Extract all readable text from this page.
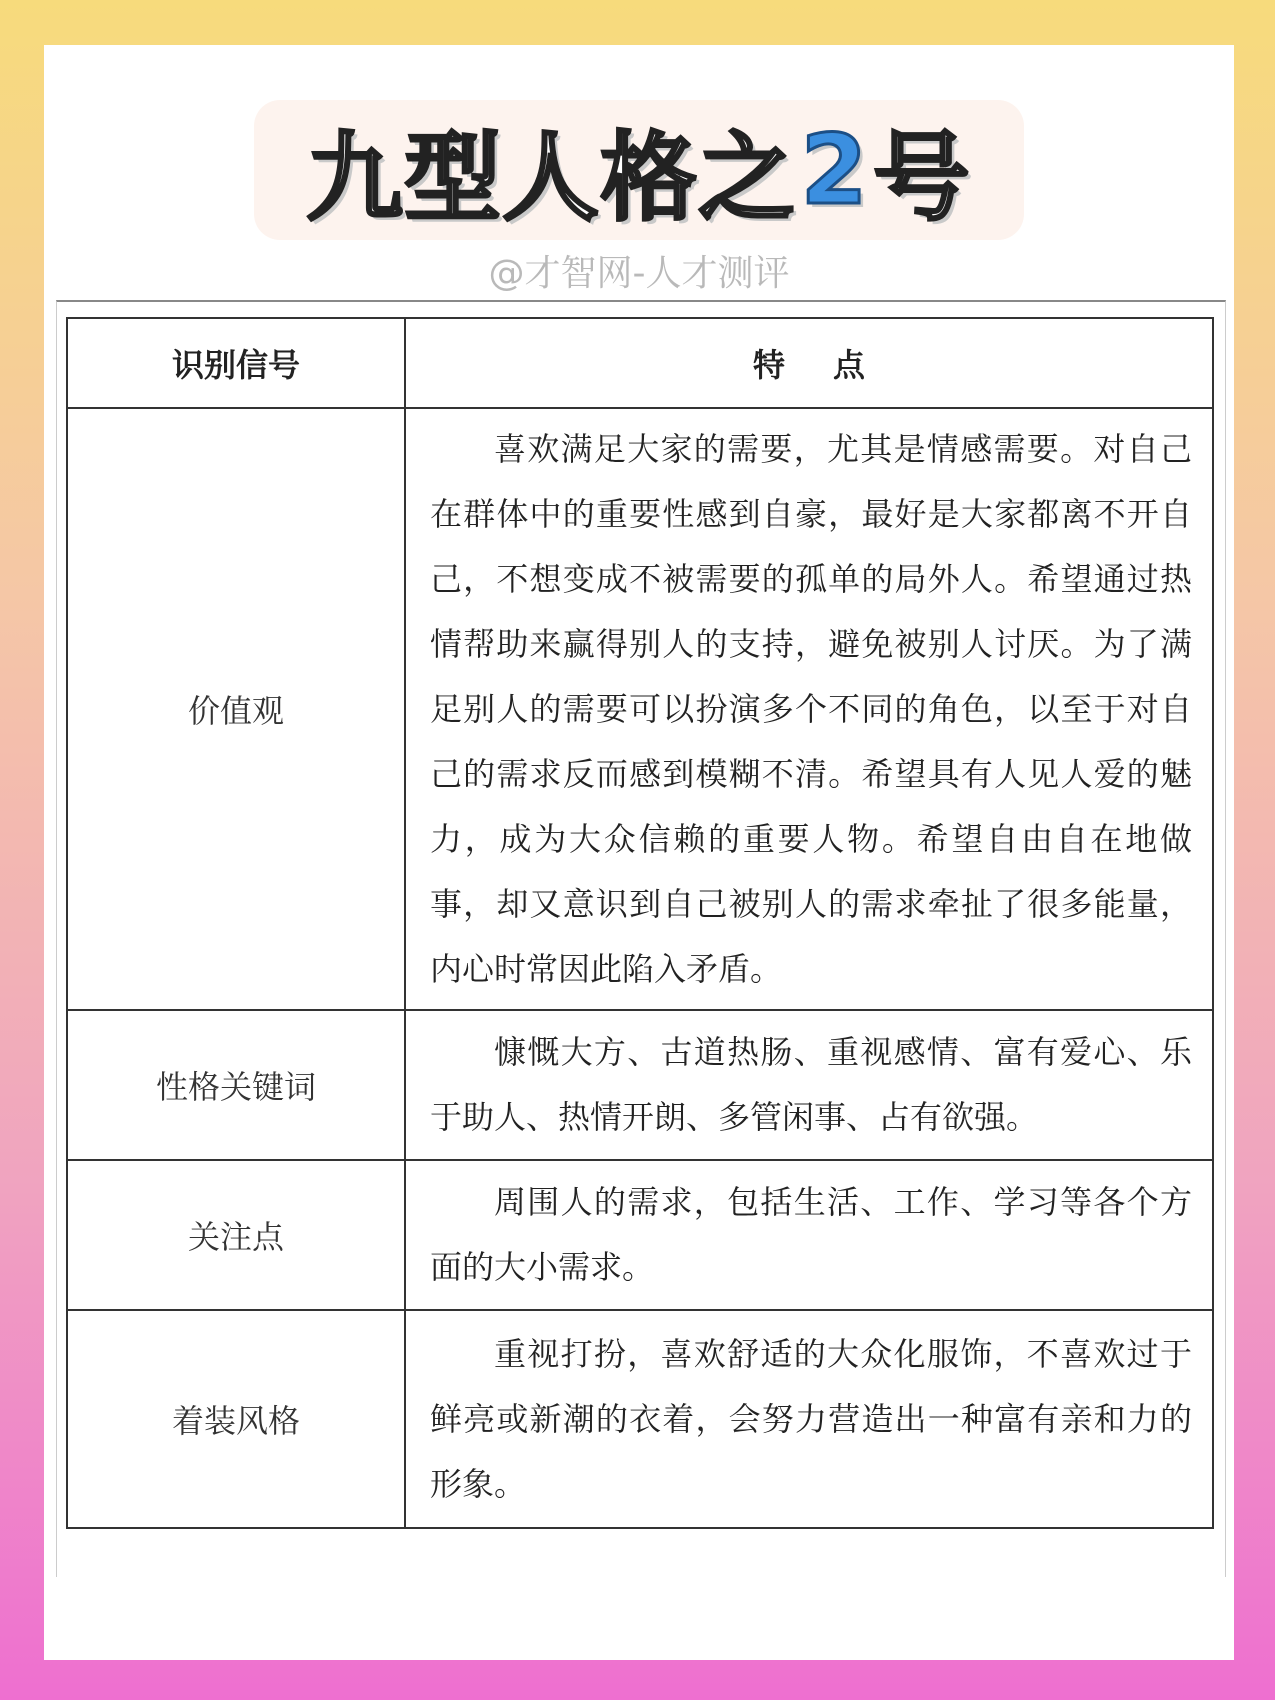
九型人格之 2 号
@才智网-人才测评
识别信号	特点
价值观	喜欢满足大家的需要，尤其是情感需要。对自己在群体中的重要性感到自豪，最好是大家都离不开自己，不想变成不被需要的孤单的局外人。希望通过热情帮助来赢得别人的支持，避免被别人讨厌。为了满足别人的需要可以扮演多个不同的角色，以至于对自己的需求反而感到模糊不清。希望具有人见人爱的魅力，成为大众信赖的重要人物。希望自由自在地做事，却又意识到自己被别人的需求牵扯了很多能量，内心时常因此陷入矛盾。
性格关键词	慷慨大方、古道热肠、重视感情、富有爱心、乐于助人、热情开朗、多管闲事、占有欲强。
关注点	周围人的需求，包括生活、工作、学习等各个方面的大小需求。
着装风格	重视打扮，喜欢舒适的大众化服饰，不喜欢过于鲜亮或新潮的衣着，会努力营造出一种富有亲和力的形象。
